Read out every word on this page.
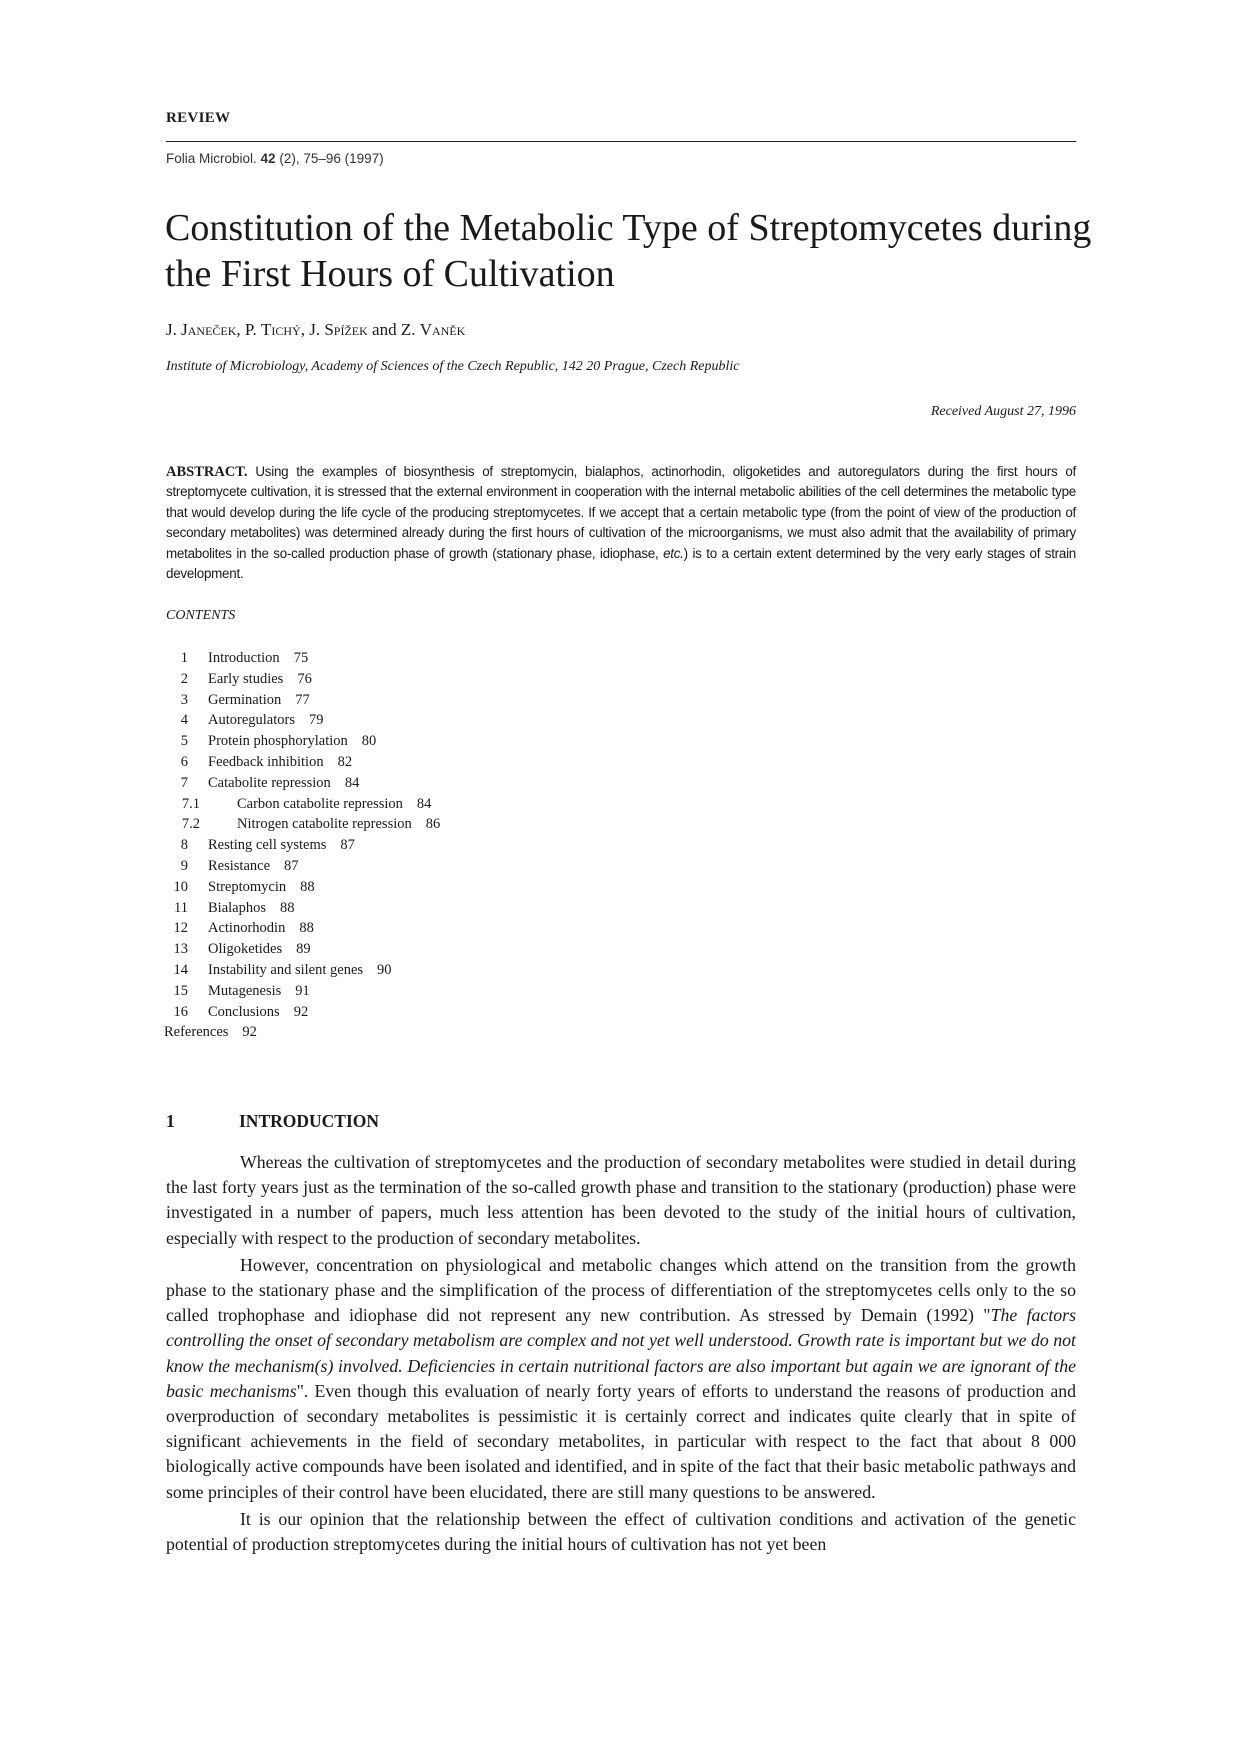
REVIEW
Folia Microbiol. 42 (2), 75–96 (1997)
Constitution of the Metabolic Type of Streptomycetes during the First Hours of Cultivation
J. Janeček, P. Tichý, J. Spížek and Z. Vaněk
Institute of Microbiology, Academy of Sciences of the Czech Republic, 142 20 Prague, Czech Republic
Received August 27, 1996

ABSTRACT. Using the examples of biosynthesis of streptomycin, bialaphos, actinorhodin, oligoketides and autoregulators during the first hours of streptomycete cultivation, it is stressed that the external environment in cooperation with the internal metabolic abilities of the cell determines the metabolic type that would develop during the life cycle of the producing streptomycetes. If we accept that a certain metabolic type (from the point of view of the production of secondary metabolites) was determined already during the first hours of cultivation of the microorganisms, we must also admit that the availability of primary metabolites in the so-called production phase of growth (stationary phase, idiophase, etc.) is to a certain extent determined by the very early stages of strain development.

CONTENTS
1 Introduction 75
2 Early studies 76
3 Germination 77
4 Autoregulators 79
5 Protein phosphorylation 80
6 Feedback inhibition 82
7 Catabolite repression 84
7.1	Carbon catabolite repression 84
7.2	Nitrogen catabolite repression 86
8 Resting cell systems 87
9 Resistance 87
10 Streptomycin 88
11 Bialaphos 88
12 Actinorhodin 88
13 Oligoketides 89
14 Instability and silent genes 90
15 Mutagenesis 91
16 Conclusions 92
References 92
1	INTRODUCTION

Whereas the cultivation of streptomycetes and the production of secondary metabolites were studied in detail during the last forty years just as the termination of the so-called growth phase and transition to the stationary (production) phase were investigated in a number of papers, much less attention has been devoted to the study of the initial hours of cultivation, especially with respect to the production of secondary metabolites.

However, concentration on physiological and metabolic changes which attend on the transition from the growth phase to the stationary phase and the simplification of the process of differentiation of the streptomycetes cells only to the so called trophophase and idiophase did not represent any new contribution. As stressed by Demain (1992) "The factors controlling the onset of secondary metabolism are complex and not yet well understood. Growth rate is important but we do not know the mechanism(s) involved. Deficiencies in certain nutritional factors are also important but again we are ignorant of the basic mechanisms". Even though this evaluation of nearly forty years of efforts to understand the reasons of production and overproduction of secondary metabolites is pessimistic it is certainly correct and indicates quite clearly that in spite of significant achievements in the field of secondary metabolites, in particular with respect to the fact that about 8 000 biologically active compounds have been isolated and identified, and in spite of the fact that their basic metabolic pathways and some principles of their control have been elucidated, there are still many questions to be answered.

It is our opinion that the relationship between the effect of cultivation conditions and activation of the genetic potential of production streptomycetes during the initial hours of cultivation has not yet been
